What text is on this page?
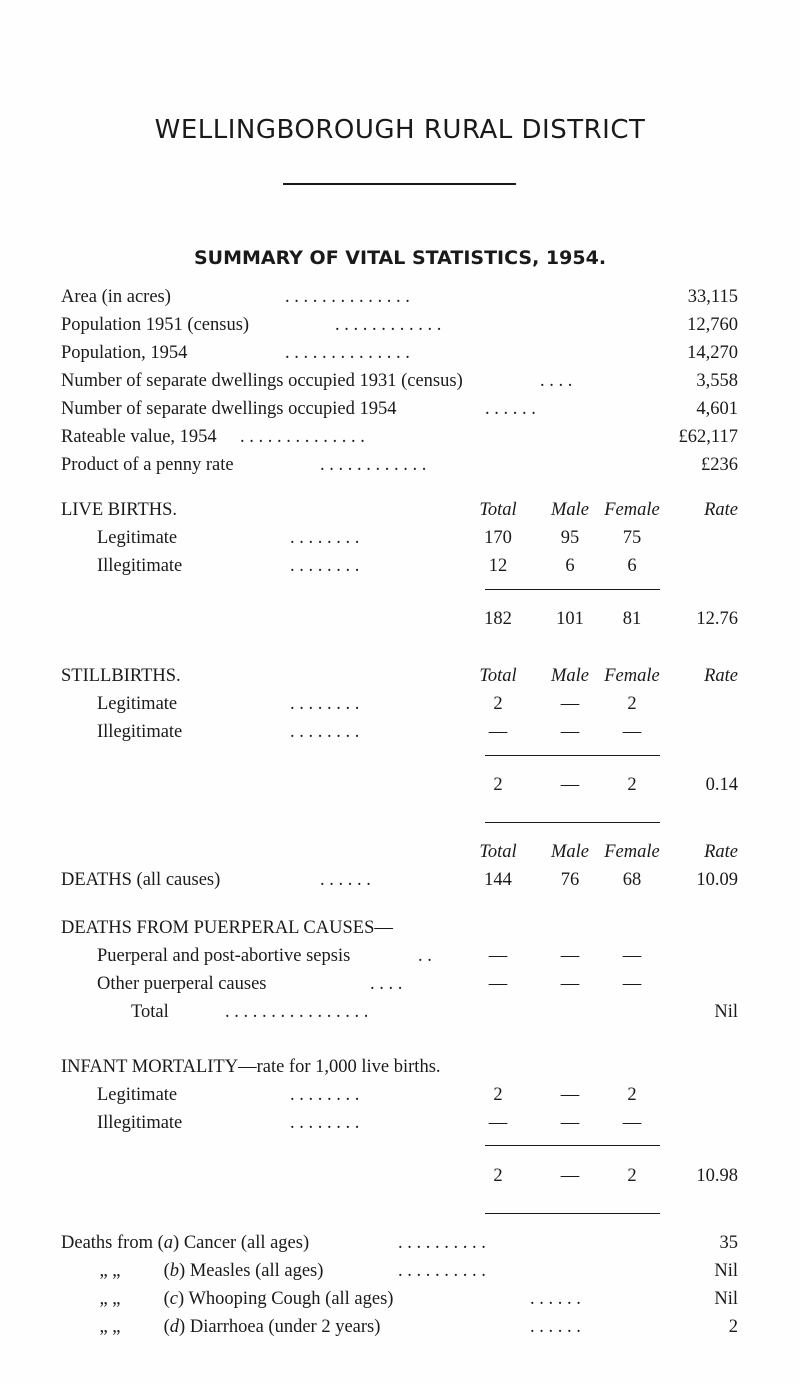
WELLINGBOROUGH RURAL DISTRICT
SUMMARY OF VITAL STATISTICS, 1954.
Area (in acres)	. . . . . . . . . . . . . .	33,115
Population 1951 (census)	. . . . . . . . . . . .	12,760
Population, 1954	. . . . . . . . . . . . . .	14,270
Number of separate dwellings occupied 1931 (census)	. . . .	3,558
Number of separate dwellings occupied 1954	. . . . . .	4,601
Rateable value, 1954 . . . . . . . . . . . . . .	£62,117
Product of a penny rate	. . . . . . . . . . . .	£236
LIVE BIRTHS.	Total	Male Female	Rate
Legitimate	. . . . . . . .	170	95	75
Illegitimate	. . . . . . . .	12	6	6
182	101	81	12.76
STILLBIRTHS.	Total	Male Female	Rate
Legitimate	. . . . . . . .	2	—	2
Illegitimate	. . . . . . . .	—	—	—
2	—	2	0.14
Total	Male Female	Rate
DEATHS (all causes)	. . . . . .	144	76	68	10.09
DEATHS FROM PUERPERAL CAUSES—
Puerperal and post-abortive sepsis	. .	—	—	—
Other puerperal causes	. . . .	—	—	—
Total	. . . . . . . . . . . . . . . .	Nil
INFANT MORTALITY—rate for 1,000 live births.
Legitimate	. . . . . . . .	2	—	2
Illegitimate	. . . . . . . .	—	—	—
2	—	2	10.98
Deaths from (a) Cancer (all ages)	. . . . . . . . . .	35
„ „ (b) Measles (all ages)	. . . . . . . . . .	Nil
„ „ (c) Whooping Cough (all ages)	. . . . . .	Nil
„ „ (d) Diarrhoea (under 2 years)	. . . . . .	2
